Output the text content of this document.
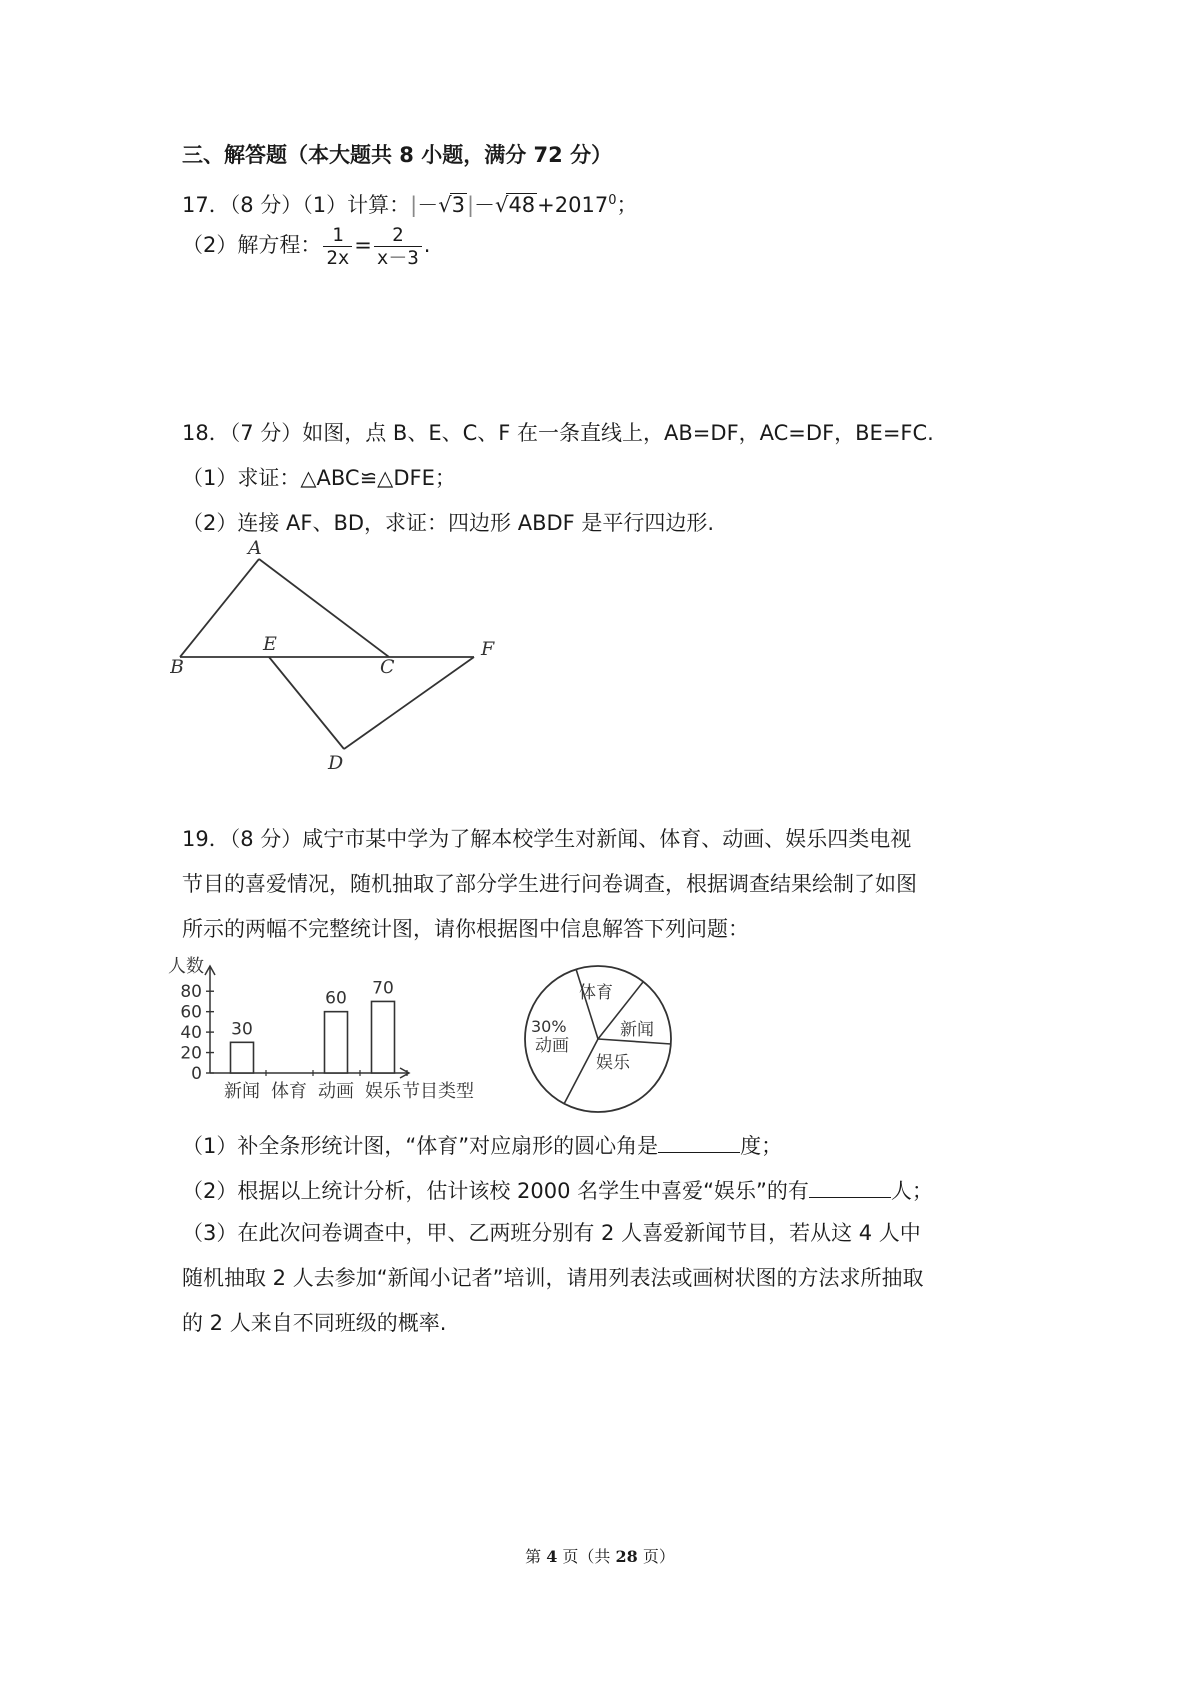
三、解答题（本大题共 8 小题，满分 72 分）
17．（8 分）（1）计算：$|-√3|-√48+2017^0$；
（2）解方程： $\frac{1}{2x} = \frac{2}{x-3}$ .
18．（7 分）如图，点 B、E、C、F 在一条直线上，AB=DF，AC=DF，BE=FC.
（1）求证：△ABC≌△DFE；
（2）连接 AF、BD，求证：四边形 ABDF 是平行四边形.
A
B
E
C
F
D
19．（8 分）咸宁市某中学为了解本校学生对新闻、体育、动画、娱乐四类电视
节目的喜爱情况，随机抽取了部分学生进行问卷调查，根据调查结果绘制了如图
所示的两幅不完整统计图，请你根据图中信息解答下列问题：
30
60
70
0
20
40
60
80
新闻 体育 动画 娱乐
人数
节目类型
体育
新闻
娱乐
30%
动画
（1）补全条形统计图，“体育”对应扇形的圆心角是	度；
（2）根据以上统计分析，估计该校 2000 名学生中喜爱“娱乐”的有	人；
（3）在此次问卷调查中，甲、乙两班分别有 2 人喜爱新闻节目，若从这 4 人中
随机抽取 2 人去参加“新闻小记者”培训，请用列表法或画树状图的方法求所抽取
的 2 人来自不同班级的概率.
第 4 页（共 28 页）
